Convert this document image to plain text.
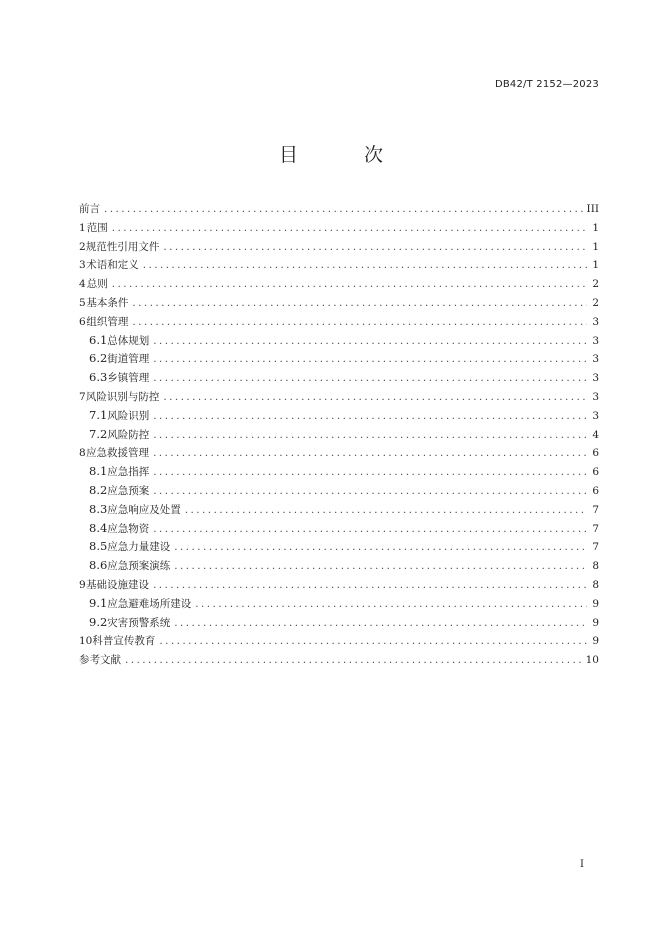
DB42/T 2152—2023
目 次
前言 .....	III
1 范围 .....	1
2 规范性引用文件 .....	1
3 术语和定义 .....	1
4 总则 .....	2
5 基本条件 .....	2
6 组织管理 .....	3
6.1 总体规划 .....	3
6.2 街道管理 .....	3
6.3 乡镇管理 .....	3
7 风险识别与防控 .....	3
7.1 风险识别 .....	3
7.2 风险防控 .....	4
8 应急救援管理 .....	6
8.1 应急指挥 .....	6
8.2 应急预案 .....	6
8.3 应急响应及处置 .....	7
8.4 应急物资 .....	7
8.5 应急力量建设 .....	7
8.6 应急预案演练 .....	8
9 基础设施建设 .....	8
9.1 应急避难场所建设 .....	9
9.2 灾害预警系统 .....	9
10 科普宣传教育 .....	9
参考文献 .....	10
I
